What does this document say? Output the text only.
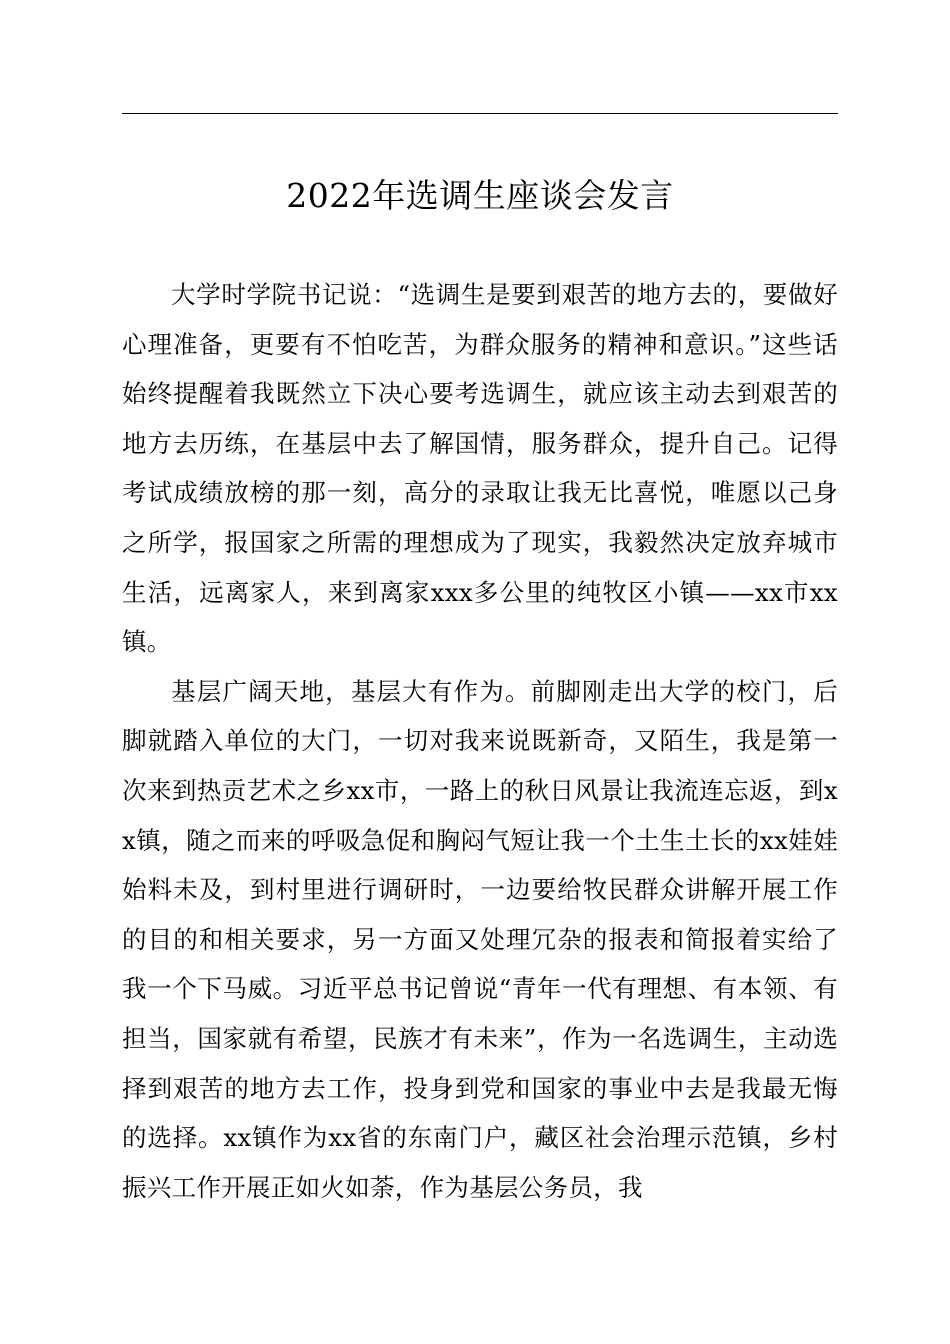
2022年选调生座谈会发言

大学时学院书记说：“选调生是要到艰苦的地方去的，要做好心理准备，更要有不怕吃苦，为群众服务的精神和意识。”这些话始终提醒着我既然立下决心要考选调生，就应该主动去到艰苦的地方去历练，在基层中去了解国情，服务群众，提升自己。记得考试成绩放榜的那一刻，高分的录取让我无比喜悦，唯愿以己身之所学，报国家之所需的理想成为了现实，我毅然决定放弃城市生活，远离家人，来到离家xxx多公里的纯牧区小镇——xx市xx镇。

基层广阔天地，基层大有作为。前脚刚走出大学的校门，后脚就踏入单位的大门，一切对我来说既新奇，又陌生，我是第一次来到热贡艺术之乡xx市，一路上的秋日风景让我流连忘返，到xx镇，随之而来的呼吸急促和胸闷气短让我一个土生土长的xx娃娃始料未及，到村里进行调研时，一边要给牧民群众讲解开展工作的目的和相关要求，另一方面又处理冗杂的报表和简报着实给了我一个下马威。习近平总书记曾说“青年一代有理想、有本领、有担当，国家就有希望，民族才有未来”，作为一名选调生，主动选择到艰苦的地方去工作，投身到党和国家的事业中去是我最无悔的选择。xx镇作为xx省的东南门户，藏区社会治理示范镇，乡村振兴工作开展正如火如荼，作为基层公务员，我
